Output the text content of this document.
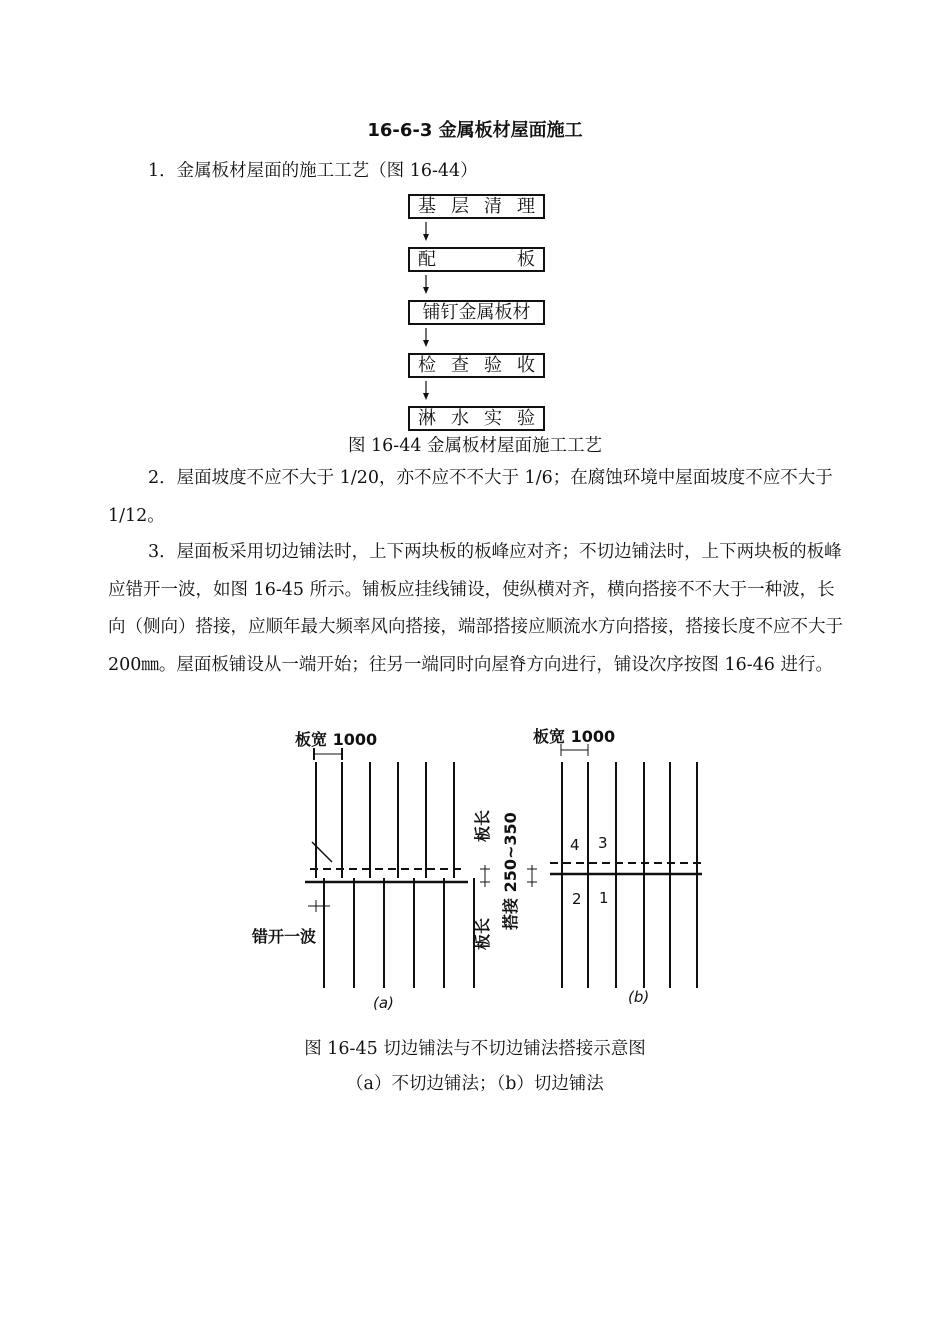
16-6-3 金属板材屋面施工
1．金属板材屋面的施工工艺（图 16-44）
基 层 清 理
配	板
铺钉金属板材
检 查 验 收
淋 水 实 验
图 16-44 金属板材屋面施工工艺
2．屋面坡度不应不大于 1/20，亦不应不不大于 1/6；在腐蚀环境中屋面坡度不应不大于 1/12。
3．屋面板采用切边铺法时，上下两块板的板峰应对齐；不切边铺法时，上下两块板的板峰应错开一波，如图 16-45 所示。铺板应挂线铺设，使纵横对齐，横向搭接不不大于一种波，长向（侧向）搭接，应顺年最大频率风向搭接，端部搭接应顺流水方向搭接，搭接长度不应不大于 200㎜。屋面板铺设从一端开始；往另一端同时向屋脊方向进行，铺设次序按图 16-46 进行。
板宽 1000
板长
板长
搭接 250~350
错开一波
(a)
板宽 1000
4 3
2 1
(b)
图 16-45 切边铺法与不切边铺法搭接示意图
（a）不切边铺法；（b）切边铺法
